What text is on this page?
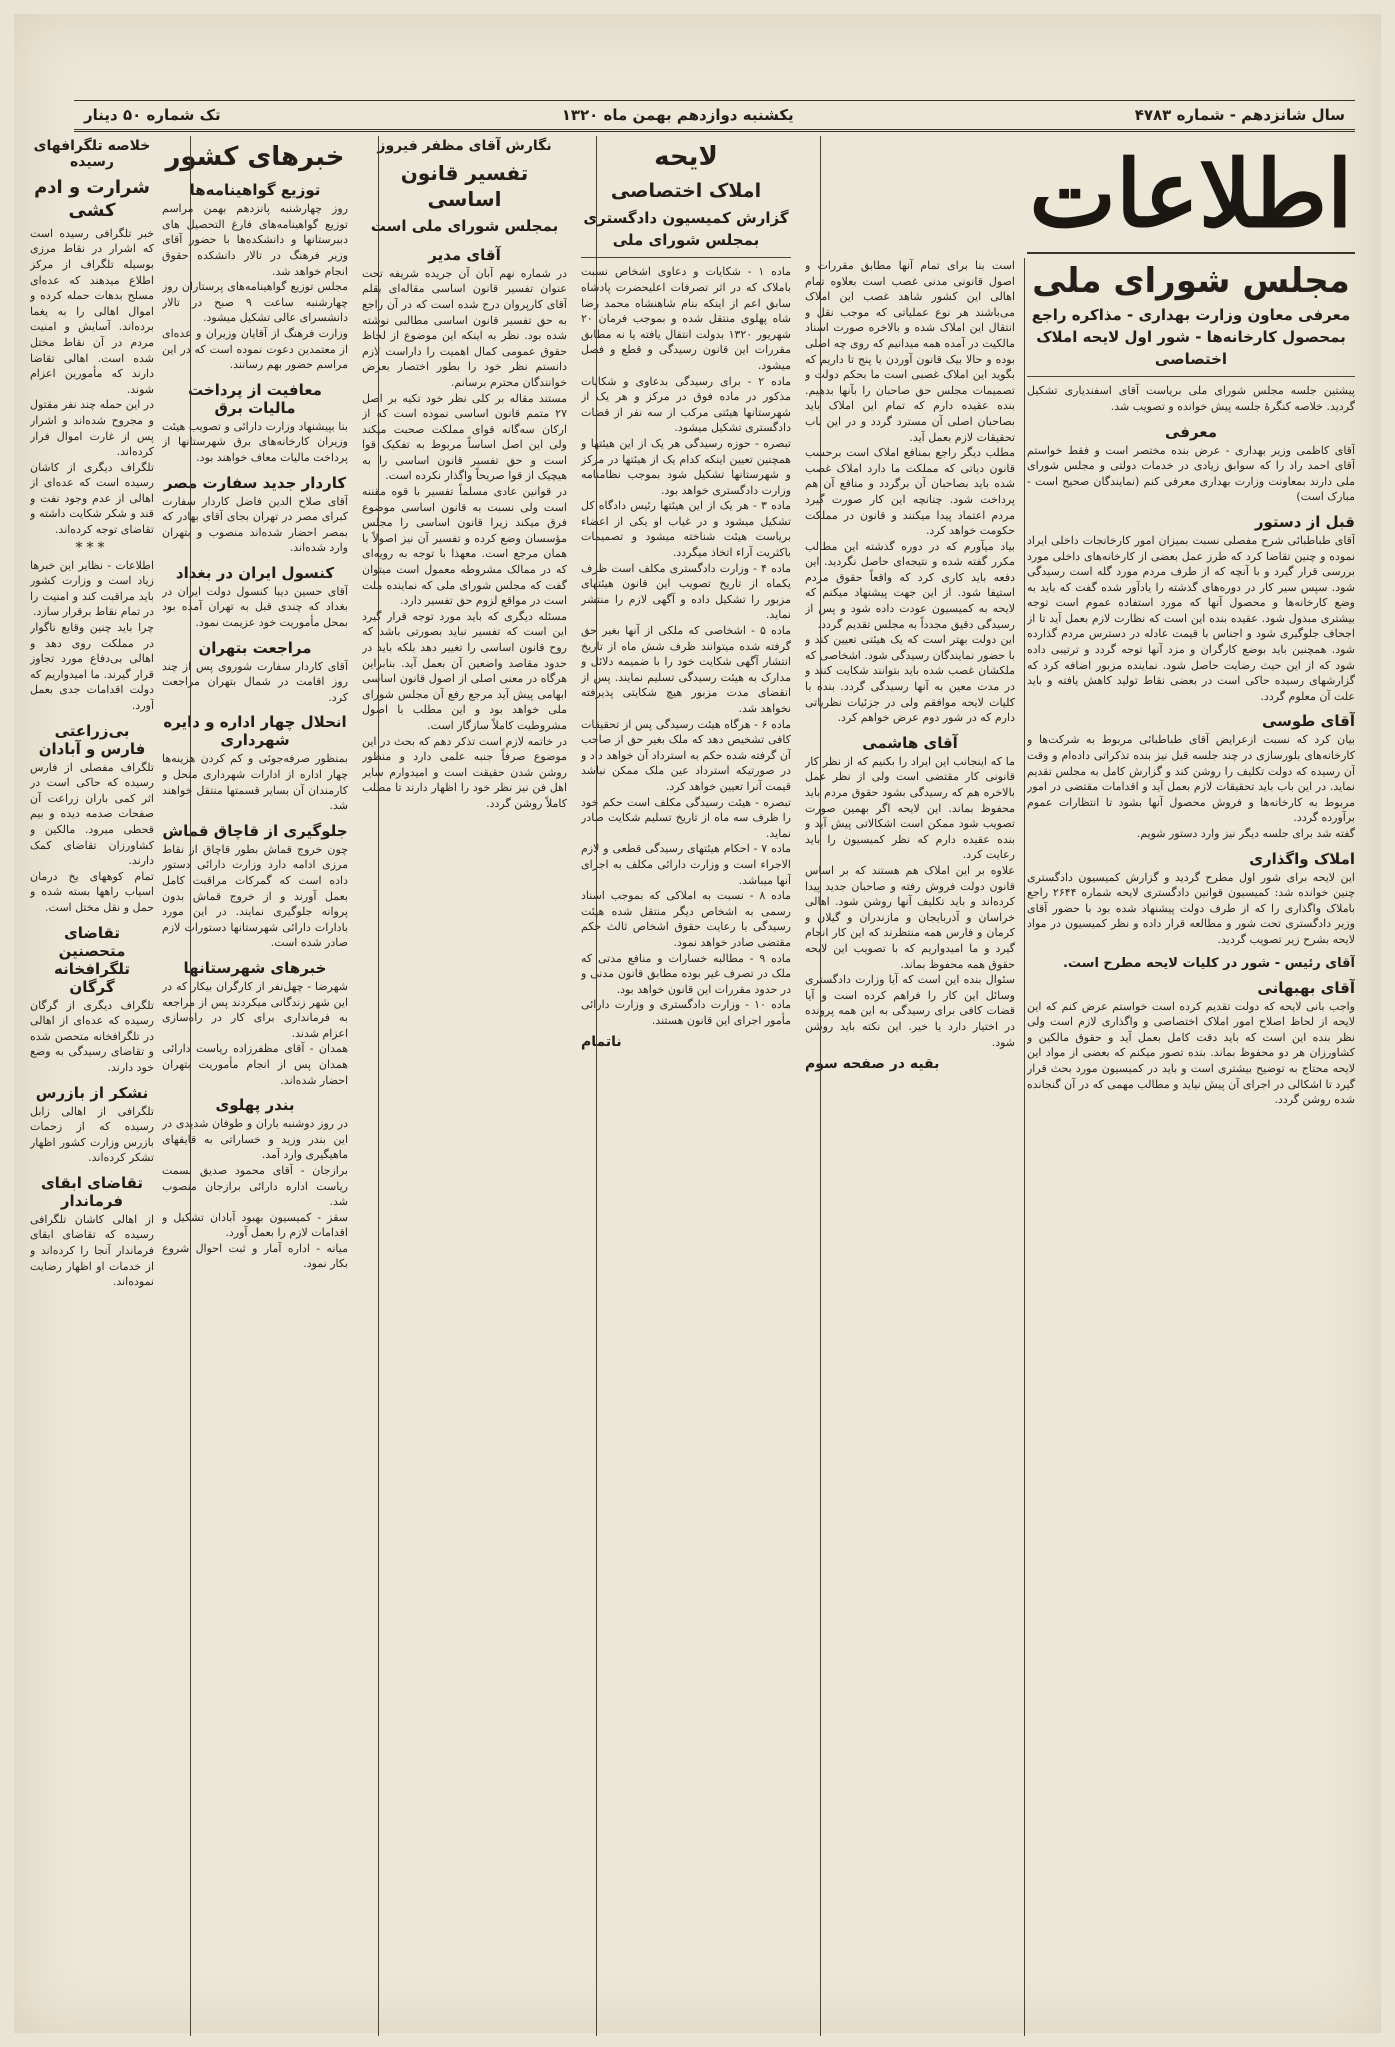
سال شانزدهم - شماره ۴۷۸۳
یکشنبه دوازدهم بهمن ماه ۱۳۲۰
تک شماره ۵۰ دینار
اطلاعات
مجلس شورای ملی
معرفی معاون وزارت بهداری - مذاکره راجع بمحصول کارخانه‌ها - شور اول لایحه املاک اختصاصی

پیشتین جلسه مجلس شورای ملی بریاست آقای اسفندیاری تشکیل گردید. خلاصه کنگرهٔ جلسه پیش خوانده و تصویب شد.

معرفی

آقای کاظمی وزیر بهداری - عرض بنده مختصر است و فقط خواستم آقای احمد راد را که سوابق زیادی در خدمات دولتی و مجلس شورای ملی دارند بمعاونت وزارت بهداری معرفی کنم (نمایندگان صحیح است - مبارک است)

قبل از دستور

آقای طباطبائی شرح مفصلی نسبت بمیزان امور کارخانجات داخلی ایراد نموده و چنین تقاضا کرد که طرز عمل بعضی از کارخانه‌های داخلی مورد بررسی قرار گیرد و با آنچه که از طرف مردم مورد گله است رسیدگی شود. سپس سیر کار در دوره‌های گذشته را یادآور شده گفت که باید به وضع کارخانه‌ها و محصول آنها که مورد استفاده عموم است توجه بیشتری مبذول شود. عقیده بنده این است که نظارت لازم بعمل آید تا از اجحاف جلوگیری شود و اجناس با قیمت عادله در دسترس مردم گذارده شود. همچنین باید بوضع کارگران و مزد آنها توجه گردد و ترتیبی داده شود که از این حیث رضایت حاصل شود. نماینده مزبور اضافه کرد که گزارشهای رسیده حاکی است در بعضی نقاط تولید کاهش یافته و باید علت آن معلوم گردد.

آقای طوسی

بیان کرد که نسبت ازعرایض آقای طباطبائی مربوط به شرکت‌ها و کارخانه‌های بلورسازی در چند جلسه قبل نیز بنده تذکراتی داده‌ام و وقت آن رسیده که دولت تکلیف را روشن کند و گزارش کامل به مجلس تقدیم نماید. در این باب باید تحقیقات لازم بعمل آید و اقدامات مقتضی در امور مربوط به کارخانه‌ها و فروش محصول آنها بشود تا انتظارات عموم برآورده گردد.

گفته شد برای جلسه دیگر نیز وارد دستور شویم.

املاک واگذاری

این لایحه برای شور اول مطرح گردید و گزارش کمیسیون دادگستری چنین خوانده شد: کمیسیون قوانین دادگستری لایحه شماره ۲۶۴۴ راجع باملاک واگذاری را که از طرف دولت پیشنهاد شده بود با حضور آقای وزیر دادگستری تحت شور و مطالعه قرار داده و نظر کمیسیون در مواد لایحه بشرح زیر تصویب گردید.

آقای رئیس - شور در کلیات لایحه مطرح است.
آقای بهبهانی

واجب بانی لایحه که دولت تقدیم کرده است خواستم عرض کنم که این لایحه از لحاظ اصلاح امور املاک اختصاصی و واگذاری لازم است ولی نظر بنده این است که باید دقت کامل بعمل آید و حقوق مالکین و کشاورزان هر دو محفوظ بماند. بنده تصور میکنم که بعضی از مواد این لایحه محتاج به توضیح بیشتری است و باید در کمیسیون مورد بحث قرار گیرد تا اشکالی در اجرای آن پیش نیاید و مطالب مهمی که در آن گنجانده شده روشن گردد.

است بنا برای تمام آنها مطابق مقررات و اصول قانونی مدنی غصب است بعلاوه تمام اهالی این کشور شاهد غصب این املاک می‌باشند هر نوع عملیاتی که موجب نقل و انتقال این املاک شده و بالاخره صورت اسناد مالکیت در آمده همه میدانیم که روی چه اصلی بوده و حالا بیک قانون آوردن یا پنج تا داریم که بگوید این املاک غصبی است ما بحکم دولت و تصمیمات مجلس حق صاحبان را بآنها بدهیم. بنده عقیده دارم که تمام این املاک باید بصاحبان اصلی آن مسترد گردد و در این باب تحقیقات لازم بعمل آید.

مطلب دیگر راجع بمنافع املاک است برحسب قانون دیاتی که مملکت ما دارد املاک غصب شده باید بصاحبان آن برگردد و منافع آن هم پرداخت شود. چنانچه این کار صورت گیرد مردم اعتماد پیدا میکنند و قانون در مملکت حکومت خواهد کرد.

بیاد میآورم که در دوره گذشته این مطالب مکرر گفته شده و نتیجه‌ای حاصل نگردید. این دفعه باید کاری کرد که واقعاً حقوق مردم استیفا شود. از این جهت پیشنهاد میکنم که لایحه به کمیسیون عودت داده شود و پس از رسیدگی دقیق مجدداً به مجلس تقدیم گردد.

این دولت بهتر است که یک هیئتی تعیین کند و با حضور نمایندگان رسیدگی شود. اشخاصی که ملکشان غصب شده باید بتوانند شکایت کنند و در مدت معین به آنها رسیدگی گردد. بنده با کلیات لایحه موافقم ولی در جزئیات نظریاتی دارم که در شور دوم عرض خواهم کرد.

آقای هاشمی

ما که اینجانب این ایراد را بکنیم که از نظر کار قانونی کار مقتضی است ولی از نظر عمل بالاخره هم که رسیدگی بشود حقوق مردم باید محفوظ بماند. این لایحه اگر بهمین صورت تصویب شود ممکن است اشکالاتی پیش آید و بنده عقیده دارم که نظر کمیسیون را باید رعایت کرد.

علاوه بر این املاک هم هستند که بر اساس قانون دولت فروش رفته و صاحبان جدید پیدا کرده‌اند و باید تکلیف آنها روشن شود. اهالی خراسان و آذربایجان و مازندران و گیلان و کرمان و فارس همه منتظرند که این کار انجام گیرد و ما امیدواریم که با تصویب این لایحه حقوق همه محفوظ بماند.

سئوال بنده این است که آیا وزارت دادگستری وسائل این کار را فراهم کرده است و آیا قضات کافی برای رسیدگی به این همه پرونده در اختیار دارد یا خیر. این نکته باید روشن شود.

بقیه در صفحه سوم
لایحه
املاک اختصاصی
گزارش کمیسیون دادگستری بمجلس شورای ملی

ماده ۱ - شکایات و دعاوی اشخاص نسبت باملاک که در اثر تصرفات اعلیحضرت پادشاه سابق اعم از اینکه بنام شاهنشاه محمد رضا شاه پهلوی منتقل شده و بموجب فرمان ۲۰ شهریور ۱۳۲۰ بدولت انتقال یافته یا نه مطابق مقررات این قانون رسیدگی و قطع و فصل میشود.

ماده ۲ - برای رسیدگی بدعاوی و شکایات مذکور در ماده فوق در مرکز و هر یک از شهرستانها هیئتی مرکب از سه نفر از قضات دادگستری تشکیل میشود.

تبصره - حوزه رسیدگی هر یک از این هیئتها و همچنین تعیین اینکه کدام یک از هیئتها در مرکز و شهرستانها تشکیل شود بموجب نظامنامه وزارت دادگستری خواهد بود.

ماده ۳ - هر یک از این هیئتها رئیس دادگاه کل تشکیل میشود و در غیاب او یکی از اعضاء بریاست هیئت شناخته میشود و تصمیمات باکثریت آراء اتخاذ میگردد.

ماده ۴ - وزارت دادگستری مکلف است ظرف یکماه از تاریخ تصویب این قانون هیئتهای مزبور را تشکیل داده و آگهی لازم را منتشر نماید.

ماده ۵ - اشخاصی که ملکی از آنها بغیر حق گرفته شده میتوانند ظرف شش ماه از تاریخ انتشار آگهی شکایت خود را با ضمیمه دلائل و مدارک به هیئت رسیدگی تسلیم نمایند. پس از انقضای مدت مزبور هیچ شکایتی پذیرفته نخواهد شد.

ماده ۶ - هرگاه هیئت رسیدگی پس از تحقیقات کافی تشخیص دهد که ملک بغیر حق از صاحب آن گرفته شده حکم به استرداد آن خواهد داد و در صورتیکه استرداد عین ملک ممکن نباشد قیمت آنرا تعیین خواهد کرد.

تبصره - هیئت رسیدگی مکلف است حکم خود را ظرف سه ماه از تاریخ تسلیم شکایت صادر نماید.

ماده ۷ - احکام هیئتهای رسیدگی قطعی و لازم الاجراء است و وزارت دارائی مکلف به اجرای آنها میباشد.

ماده ۸ - نسبت به املاکی که بموجب اسناد رسمی به اشخاص دیگر منتقل شده هیئت رسیدگی با رعایت حقوق اشخاص ثالث حکم مقتضی صادر خواهد نمود.

ماده ۹ - مطالبه خسارات و منافع مدتی که ملک در تصرف غیر بوده مطابق قانون مدنی و در حدود مقررات این قانون خواهد بود.

ماده ۱۰ - وزارت دادگستری و وزارت دارائی مأمور اجرای این قانون هستند.

ناتمام
نگارش آقای مظفر فیروز
تفسیر قانون اساسی
بمجلس شورای ملی است
آقای مدیر

در شماره نهم آبان آن جریده شریفه تحت عنوان تفسیر قانون اساسی مقاله‌ای بقلم آقای کارپروان درج شده است که در آن راجع به حق تفسیر قانون اساسی مطالبی نوشته شده بود. نظر به اینکه این موضوع از لحاظ حقوق عمومی کمال اهمیت را داراست لازم دانستم نظر خود را بطور اختصار بعرض خوانندگان محترم برسانم.

مستند مقاله بر کلی نظر خود تکیه بر اصل ۲۷ متمم قانون اساسی نموده است که از ارکان سه‌گانه قوای مملکت صحبت میکند ولی این اصل اساساً مربوط به تفکیک قوا است و حق تفسیر قانون اساسی را به هیچیک از قوا صریحاً واگذار نکرده است.

در قوانین عادی مسلماً تفسیر با قوه مقننه است ولی نسبت به قانون اساسی موضوع فرق میکند زیرا قانون اساسی را مجلس مؤسسان وضع کرده و تفسیر آن نیز اصولاً با همان مرجع است. معهذا با توجه به رویه‌ای که در ممالک مشروطه معمول است میتوان گفت که مجلس شورای ملی که نماینده ملت است در مواقع لزوم حق تفسیر دارد.

مسئله دیگری که باید مورد توجه قرار گیرد این است که تفسیر نباید بصورتی باشد که روح قانون اساسی را تغییر دهد بلکه باید در حدود مقاصد واضعین آن بعمل آید. بنابراین هرگاه در معنی اصلی از اصول قانون اساسی ابهامی پیش آید مرجع رفع آن مجلس شورای ملی خواهد بود و این مطلب با اصول مشروطیت کاملاً سازگار است.

در خاتمه لازم است تذکر دهم که بحث در این موضوع صرفاً جنبه علمی دارد و منظور روشن شدن حقیقت است و امیدوارم سایر اهل فن نیز نظر خود را اظهار دارند تا مطلب کاملاً روشن گردد.

خبرهای کشور
توزیع گواهینامه‌ها

روز چهارشنبه پانزدهم بهمن مراسم توزیع گواهینامه‌های فارغ التحصیل های دبیرستانها و دانشکده‌ها با حضور آقای وزیر فرهنگ در تالار دانشکده حقوق انجام خواهد شد.

مجلس توزیع گواهینامه‌های پرستاران روز چهارشنبه ساعت ۹ صبح در تالار دانشسرای عالی تشکیل میشود.

وزارت فرهنگ از آقایان وزیران و عده‌ای از معتمدین دعوت نموده است که در این مراسم حضور بهم رسانند.

معافیت از پرداخت مالیات برق

بنا بپیشنهاد وزارت دارائی و تصویب هیئت وزیران کارخانه‌های برق شهرستانها از پرداخت مالیات معاف خواهند بود.

کاردار جدید سفارت مصر

آقای صلاح الدین فاضل کاردار سفارت کبرای مصر در تهران بجای آقای بهادر که بمصر احضار شده‌اند منصوب و بتهران وارد شده‌اند.

کنسول ایران در بغداد

آقای حسین دیبا کنسول دولت ایران در بغداد که چندی قبل به تهران آمده بود بمحل مأموریت خود عزیمت نمود.

مراجعت بتهران

آقای کاردار سفارت شوروی پس از چند روز اقامت در شمال بتهران مراجعت کرد.

انحلال چهار اداره و دایره شهرداری

بمنظور صرفه‌جوئی و کم کردن هزینه‌ها چهار اداره از ادارات شهرداری منحل و کارمندان آن بسایر قسمتها منتقل خواهند شد.

جلوگیری از قاچاق قماش

چون خروج قماش بطور قاچاق از نقاط مرزی ادامه دارد وزارت دارائی دستور داده است که گمرکات مراقبت کامل بعمل آورند و از خروج قماش بدون پروانه جلوگیری نمایند. در این مورد بادارات دارائی شهرستانها دستورات لازم صادر شده است.

خبرهای شهرستانها

شهرضا - چهل‌نفر از کارگران بیکار که در این شهر زندگانی میکردند پس از مراجعه به فرمانداری برای کار در راه‌سازی اعزام شدند.

همدان - آقای مظفرزاده ریاست دارائی همدان پس از انجام مأموریت بتهران احضار شده‌اند.

بندر پهلوی

در روز دوشنبه باران و طوفان شدیدی در این بندر وزید و خساراتی به قایقهای ماهیگیری وارد آمد.

برازجان - آقای محمود صدیق بسمت ریاست اداره دارائی برازجان منصوب شد.

سقز - کمیسیون بهبود آبادان تشکیل و اقدامات لازم را بعمل آورد.

میانه - اداره آمار و ثبت احوال شروع بکار نمود.

خلاصه تلگرافهای رسیده
شرارت و ادم کشی

خبر تلگرافی رسیده است که اشرار در نقاط مرزی بوسیله تلگراف از مرکز اطلاع میدهند که عده‌ای مسلح بدهات حمله کرده و اموال اهالی را به یغما برده‌اند. آسایش و امنیت مردم در آن نقاط مختل شده است. اهالی تقاضا دارند که مأمورین اعزام شوند.

در این حمله چند نفر مقتول و مجروح شده‌اند و اشرار پس از غارت اموال فرار کرده‌اند.

تلگراف دیگری از کاشان رسیده است که عده‌ای از اهالی از عدم وجود نفت و قند و شکر شکایت داشته و تقاضای توجه کرده‌اند.

***

اطلاعات - نظایر این خبرها زیاد است و وزارت کشور باید مراقبت کند و امنیت را در تمام نقاط برقرار سازد.

چرا باید چنین وقایع ناگوار در مملکت روی دهد و اهالی بی‌دفاع مورد تجاوز قرار گیرند. ما امیدواریم که دولت اقدامات جدی بعمل آورد.

بی‌زراعتی فارس و آبادان

تلگراف مفصلی از فارس رسیده که حاکی است در اثر کمی باران زراعت آن صفحات صدمه دیده و بیم قحطی میرود. مالکین و کشاورزان تقاضای کمک دارند.

تمام کوههای یخ درمان اسیاب راهها بسته شده و حمل و نقل مختل است.

تقاضای متحصنین تلگرافخانه گرگان

تلگراف دیگری از گرگان رسیده که عده‌ای از اهالی در تلگرافخانه متحصن شده و تقاضای رسیدگی به وضع خود دارند.

نشکر از بازرس

تلگرافی از اهالی زابل رسیده که از زحمات بازرس وزارت کشور اظهار تشکر کرده‌اند.

تقاضای ابقای فرماندار

از اهالی کاشان تلگرافی رسیده که تقاضای ابقای فرماندار آنجا را کرده‌اند و از خدمات او اظهار رضایت نموده‌اند.
